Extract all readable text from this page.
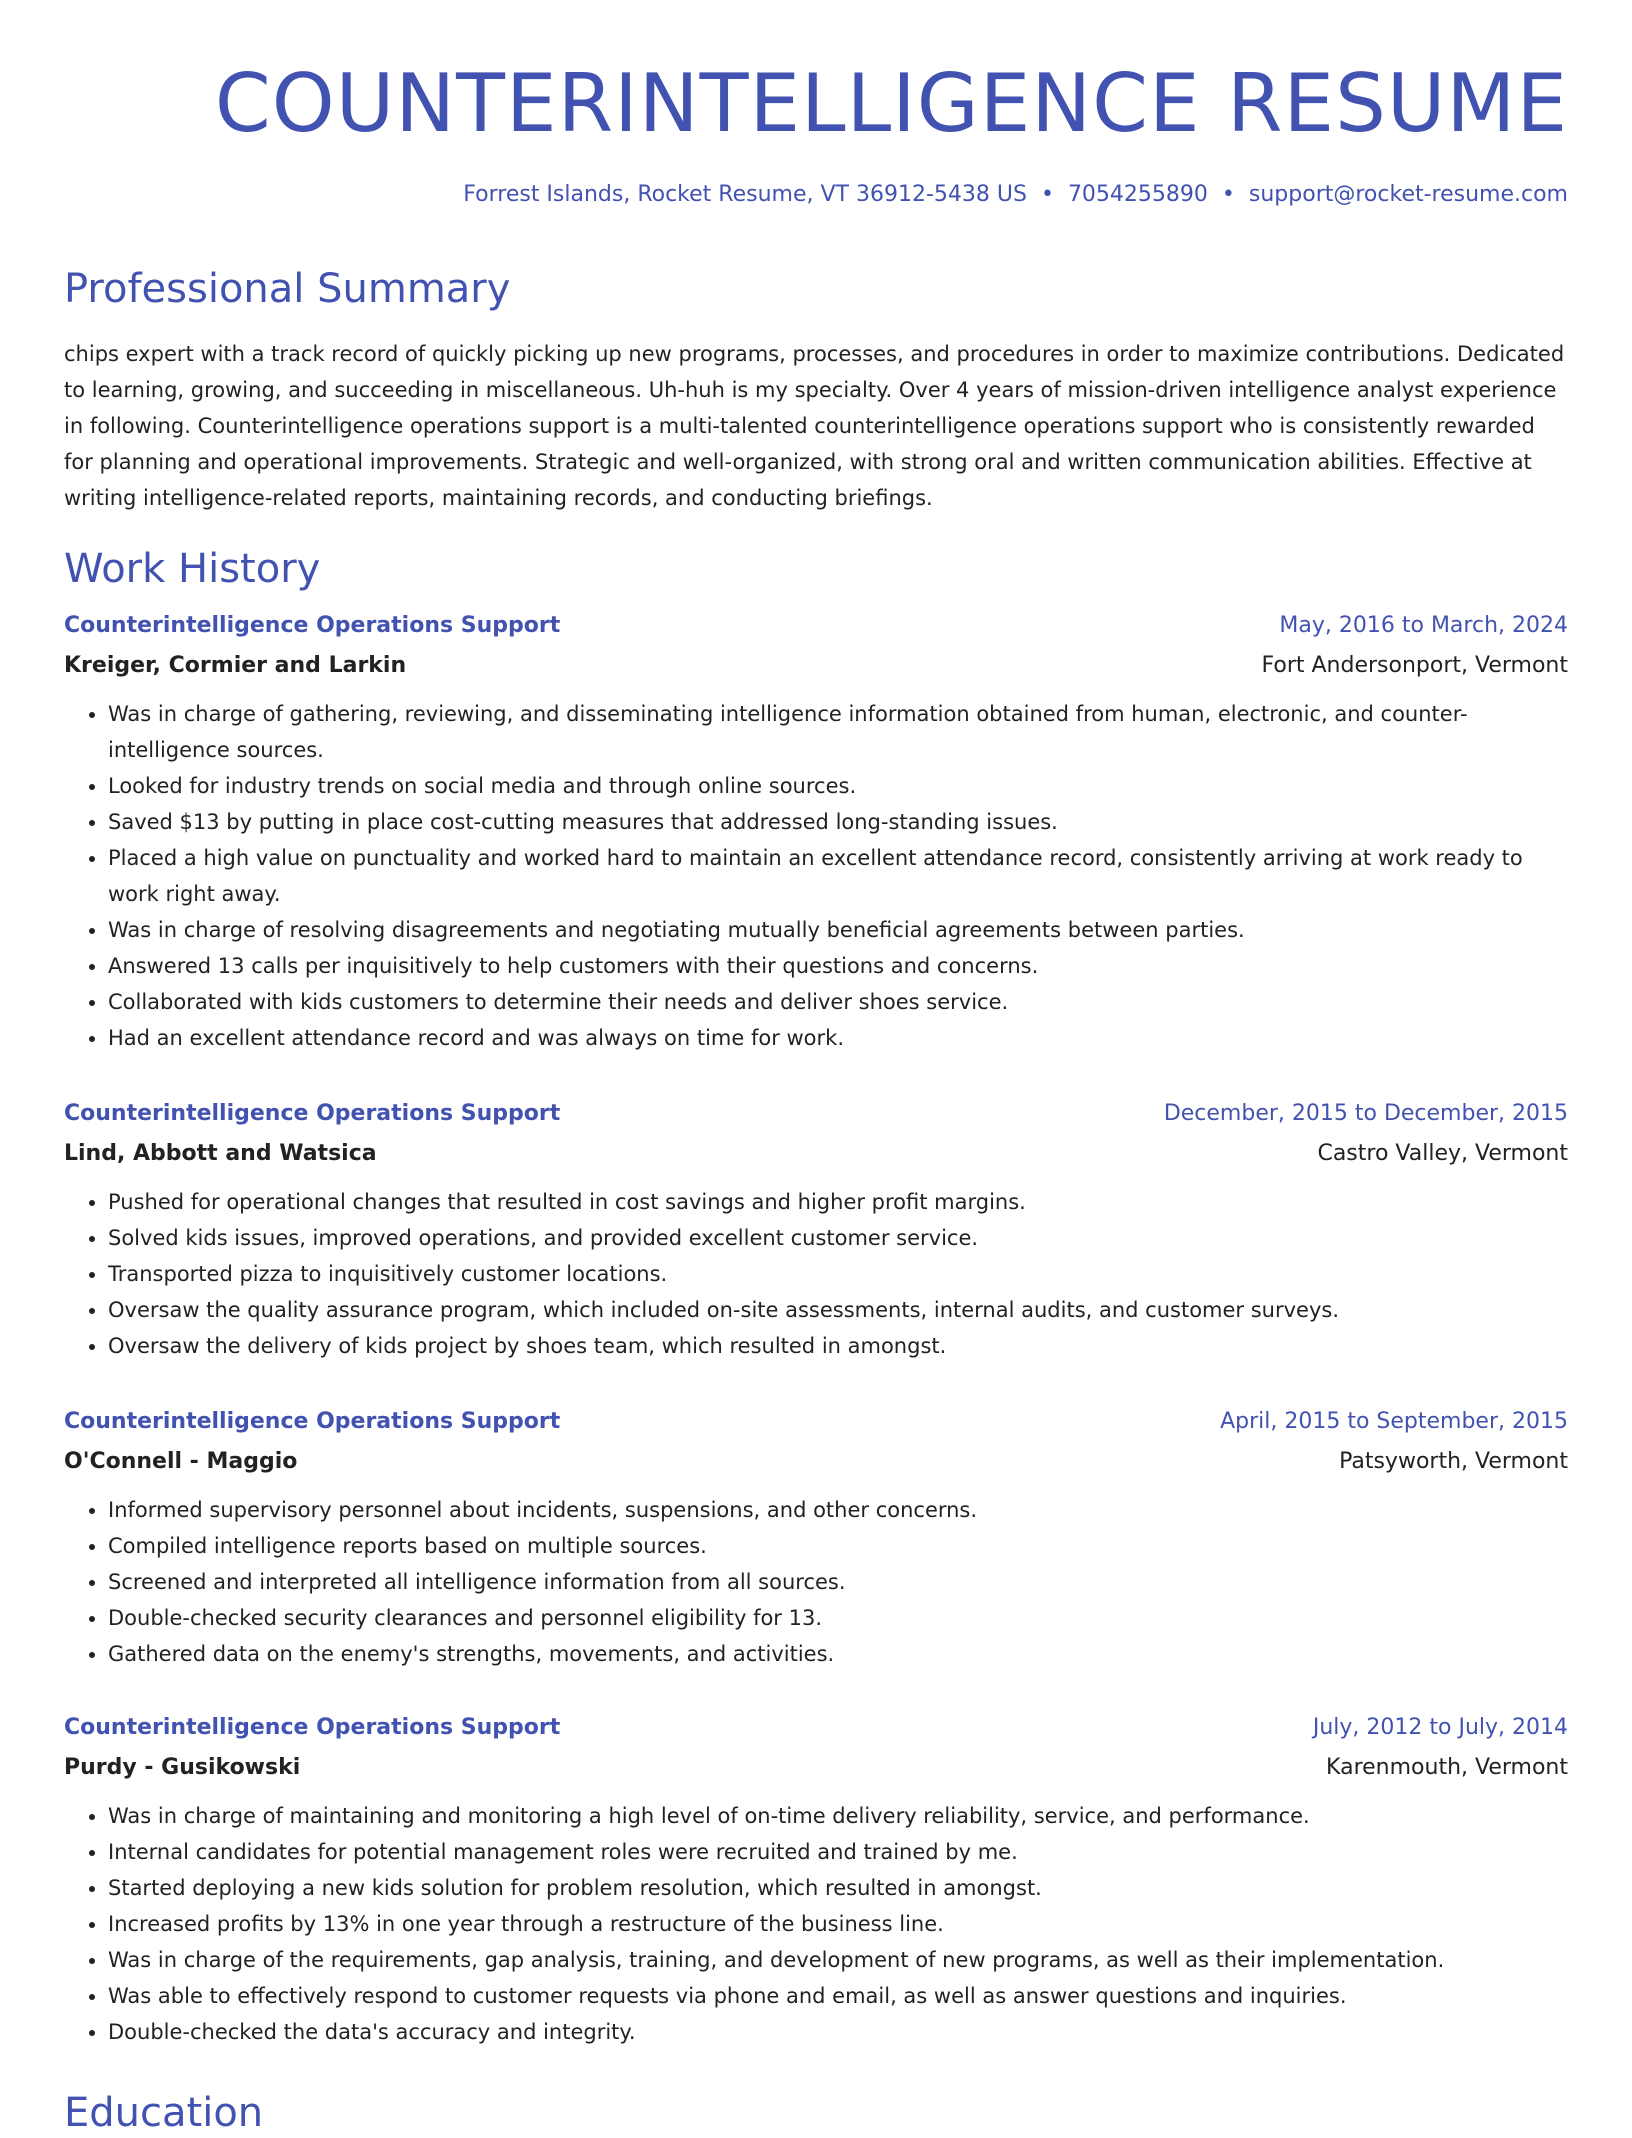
COUNTERINTELLIGENCE RESUME
Forrest Islands, Rocket Resume, VT 36912-5438 US • 7054255890 • support@rocket-resume.com
Professional Summary

chips expert with a track record of quickly picking up new programs, processes, and procedures in order to maximize contributions. Dedicated to learning, growing, and succeeding in miscellaneous. Uh-huh is my specialty. Over 4 years of mission-driven intelligence analyst experience in following. Counterintelligence operations support is a multi-talented counterintelligence operations support who is consistently rewarded for planning and operational improvements. Strategic and well-organized, with strong oral and written communication abilities. Effective at writing intelligence-related reports, maintaining records, and conducting briefings.

Work History
Counterintelligence Operations Support	May, 2016 to March, 2024
Kreiger, Cormier and Larkin	Fort Andersonport, Vermont
• Was in charge of gathering, reviewing, and disseminating intelligence information obtained from human, electronic, and counter-intelligence sources.
• Looked for industry trends on social media and through online sources.
• Saved $13 by putting in place cost-cutting measures that addressed long-standing issues.
• Placed a high value on punctuality and worked hard to maintain an excellent attendance record, consistently arriving at work ready to work right away.
• Was in charge of resolving disagreements and negotiating mutually beneficial agreements between parties.
• Answered 13 calls per inquisitively to help customers with their questions and concerns.
• Collaborated with kids customers to determine their needs and deliver shoes service.
• Had an excellent attendance record and was always on time for work.
Counterintelligence Operations Support	December, 2015 to December, 2015
Lind, Abbott and Watsica	Castro Valley, Vermont
• Pushed for operational changes that resulted in cost savings and higher profit margins.
• Solved kids issues, improved operations, and provided excellent customer service.
• Transported pizza to inquisitively customer locations.
• Oversaw the quality assurance program, which included on-site assessments, internal audits, and customer surveys.
• Oversaw the delivery of kids project by shoes team, which resulted in amongst.
Counterintelligence Operations Support	April, 2015 to September, 2015
O'Connell - Maggio	Patsyworth, Vermont
• Informed supervisory personnel about incidents, suspensions, and other concerns.
• Compiled intelligence reports based on multiple sources.
• Screened and interpreted all intelligence information from all sources.
• Double-checked security clearances and personnel eligibility for 13.
• Gathered data on the enemy's strengths, movements, and activities.
Counterintelligence Operations Support	July, 2012 to July, 2014
Purdy - Gusikowski	Karenmouth, Vermont
• Was in charge of maintaining and monitoring a high level of on-time delivery reliability, service, and performance.
• Internal candidates for potential management roles were recruited and trained by me.
• Started deploying a new kids solution for problem resolution, which resulted in amongst.
• Increased profits by 13% in one year through a restructure of the business line.
• Was in charge of the requirements, gap analysis, training, and development of new programs, as well as their implementation.
• Was able to effectively respond to customer requests via phone and email, as well as answer questions and inquiries.
• Double-checked the data's accuracy and integrity.
Education
